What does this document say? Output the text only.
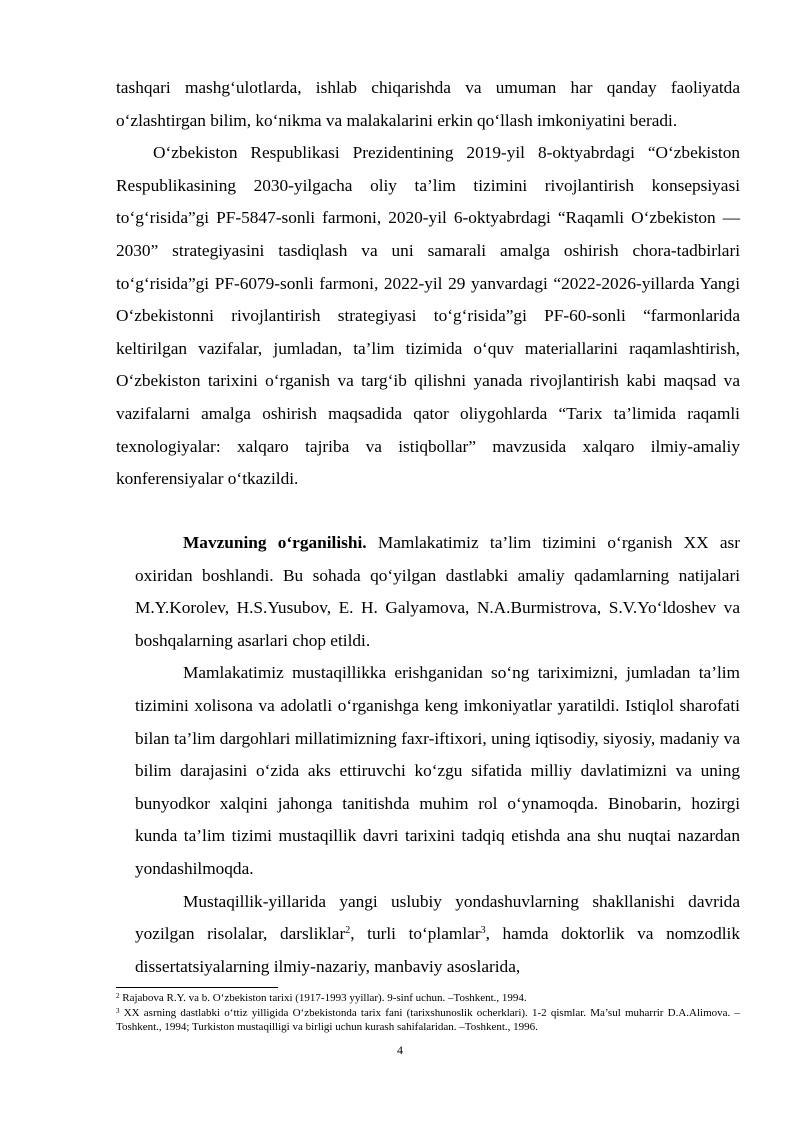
tashqari mashg‘ulotlarda, ishlab chiqarishda va umuman har qanday faoliyatda o‘zlashtirgan bilim, ko‘nikma va malakalarini erkin qo‘llash imkoniyatini beradi.

O‘zbekiston Respublikasi Prezidentining 2019-yil 8-oktyabrdagi “O‘zbekiston Respublikasining 2030-yilgacha oliy ta’lim tizimini rivojlantirish konsepsiyasi to‘g‘risida”gi PF-5847-sonli farmoni, 2020-yil 6-oktyabrdagi “Raqamli O‘zbekiston — 2030” strategiyasini tasdiqlash va uni samarali amalga oshirish chora-tadbirlari to‘g‘risida”gi PF-6079-sonli farmoni, 2022-yil 29 yanvardagi “2022-2026-yillarda Yangi O‘zbekistonni rivojlantirish strategiyasi to‘g‘risida”gi PF-60-sonli “farmonlarida keltirilgan vazifalar, jumladan, ta’lim tizimida o‘quv materiallarini raqamlashtirish, O‘zbekiston tarixini o‘rganish va targ‘ib qilishni yanada rivojlantirish kabi maqsad va vazifalarni amalga oshirish maqsadida qator oliygohlarda “Tarix ta’limida raqamli texnologiyalar: xalqaro tajriba va istiqbollar” mavzusida xalqaro ilmiy-amaliy konferensiyalar o‘tkazildi.

Mavzuning o‘rganilishi. Mamlakatimiz ta’lim tizimini o‘rganish XX asr oxiridan boshlandi. Bu sohada qo‘yilgan dastlabki amaliy qadamlarning natijalari M.Y.Korolev, H.S.Yusubov, E. H. Galyamova, N.A.Burmistrova, S.V.Yo‘ldoshev va boshqalarning asarlari chop etildi.

Mamlakatimiz mustaqillikka erishganidan so‘ng tariximizni, jumladan ta’lim tizimini xolisona va adolatli o‘rganishga keng imkoniyatlar yaratildi. Istiqlol sharofati bilan ta’lim dargohlari millatimizning faxr-iftixori, uning iqtisodiy, siyosiy, madaniy va bilim darajasini o‘zida aks ettiruvchi ko‘zgu sifatida milliy davlatimizni va uning bunyodkor xalqini jahonga tanitishda muhim rol o‘ynamoqda. Binobarin, hozirgi kunda ta’lim tizimi mustaqillik davri tarixini tadqiq etishda ana shu nuqtai nazardan yondashilmoqda.

Mustaqillik-yillarida yangi uslubiy yondashuvlarning shakllanishi davrida yozilgan risolalar, darsliklar$^2$, turli to‘plamlar$^3$, hamda doktorlik va nomzodlik dissertatsiyalarning ilmiy-nazariy, manbaviy asoslarida,

$^2$ Rajabova R.Y. va b. O‘zbekiston tarixi (1917-1993 yyillar). 9-sinf uchun. –Toshkent., 1994.

$^3$ XX asrning dastlabki o‘ttiz yilligida O‘zbekistonda tarix fani (tarixshunoslik ocherklari). 1-2 qismlar. Ma’sul muharrir D.A.Alimova. –Toshkent., 1994; Turkiston mustaqilligi va birligi uchun kurash sahifalaridan. –Toshkent., 1996.

4
